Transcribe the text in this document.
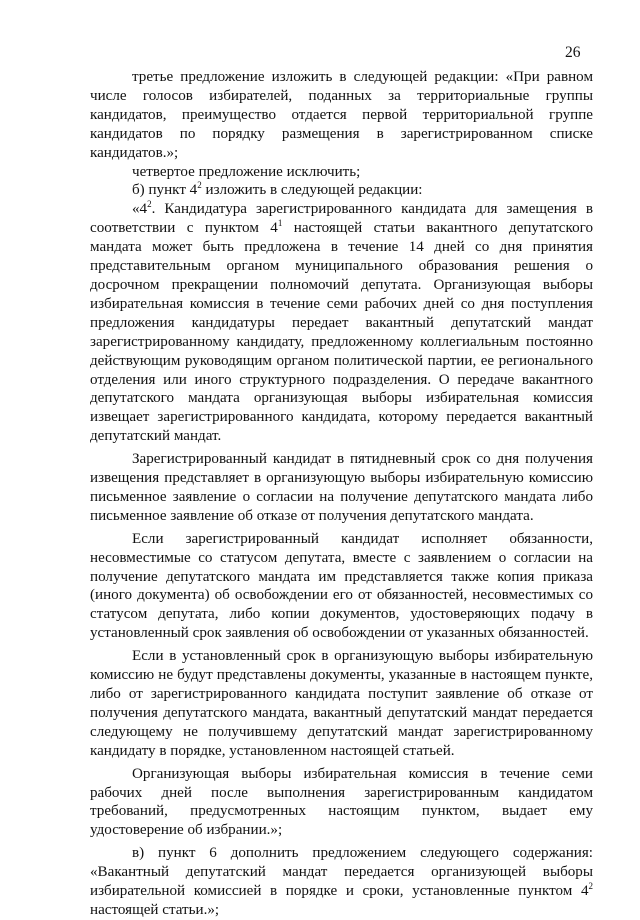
26

третье предложение изложить в следующей редакции: «При равном числе голосов избирателей, поданных за территориальные группы кандидатов, преимущество отдается первой территориальной группе кандидатов по порядку размещения в зарегистрированном списке кандидатов.»;

четвертое предложение исключить;

б) пункт $4^2$ изложить в следующей редакции:

«$4^2$. Кандидатура зарегистрированного кандидата для замещения в соответствии с пунктом $4^1$ настоящей статьи вакантного депутатского мандата может быть предложена в течение 14 дней со дня принятия представительным органом муниципального образования решения о досрочном прекращении полномочий депутата. Организующая выборы избирательная комиссия в течение семи рабочих дней со дня поступления предложения кандидатуры передает вакантный депутатский мандат зарегистрированному кандидату, предложенному коллегиальным постоянно действующим руководящим органом политической партии, ее регионального отделения или иного структурного подразделения. О передаче вакантного депутатского мандата организующая выборы избирательная комиссия извещает зарегистрированного кандидата, которому передается вакантный депутатский мандат.

Зарегистрированный кандидат в пятидневный срок со дня получения извещения представляет в организующую выборы избирательную комиссию письменное заявление о согласии на получение депутатского мандата либо письменное заявление об отказе от получения депутатского мандата.

Если зарегистрированный кандидат исполняет обязанности, несовместимые со статусом депутата, вместе с заявлением о согласии на получение депутатского мандата им представляется также копия приказа (иного документа) об освобождении его от обязанностей, несовместимых со статусом депутата, либо копии документов, удостоверяющих подачу в установленный срок заявления об освобождении от указанных обязанностей.

Если в установленный срок в организующую выборы избирательную комиссию не будут представлены документы, указанные в настоящем пункте, либо от зарегистрированного кандидата поступит заявление об отказе от получения депутатского мандата, вакантный депутатский мандат передается следующему не получившему депутатский мандат зарегистрированному кандидату в порядке, установленном настоящей статьей.

Организующая выборы избирательная комиссия в течение семи рабочих дней после выполнения зарегистрированным кандидатом требований, предусмотренных настоящим пунктом, выдает ему удостоверение об избрании.»;

в) пункт 6 дополнить предложением следующего содержания: «Вакантный депутатский мандат передается организующей выборы избирательной комиссией в порядке и сроки, установленные пунктом $4^2$ настоящей статьи.»;
